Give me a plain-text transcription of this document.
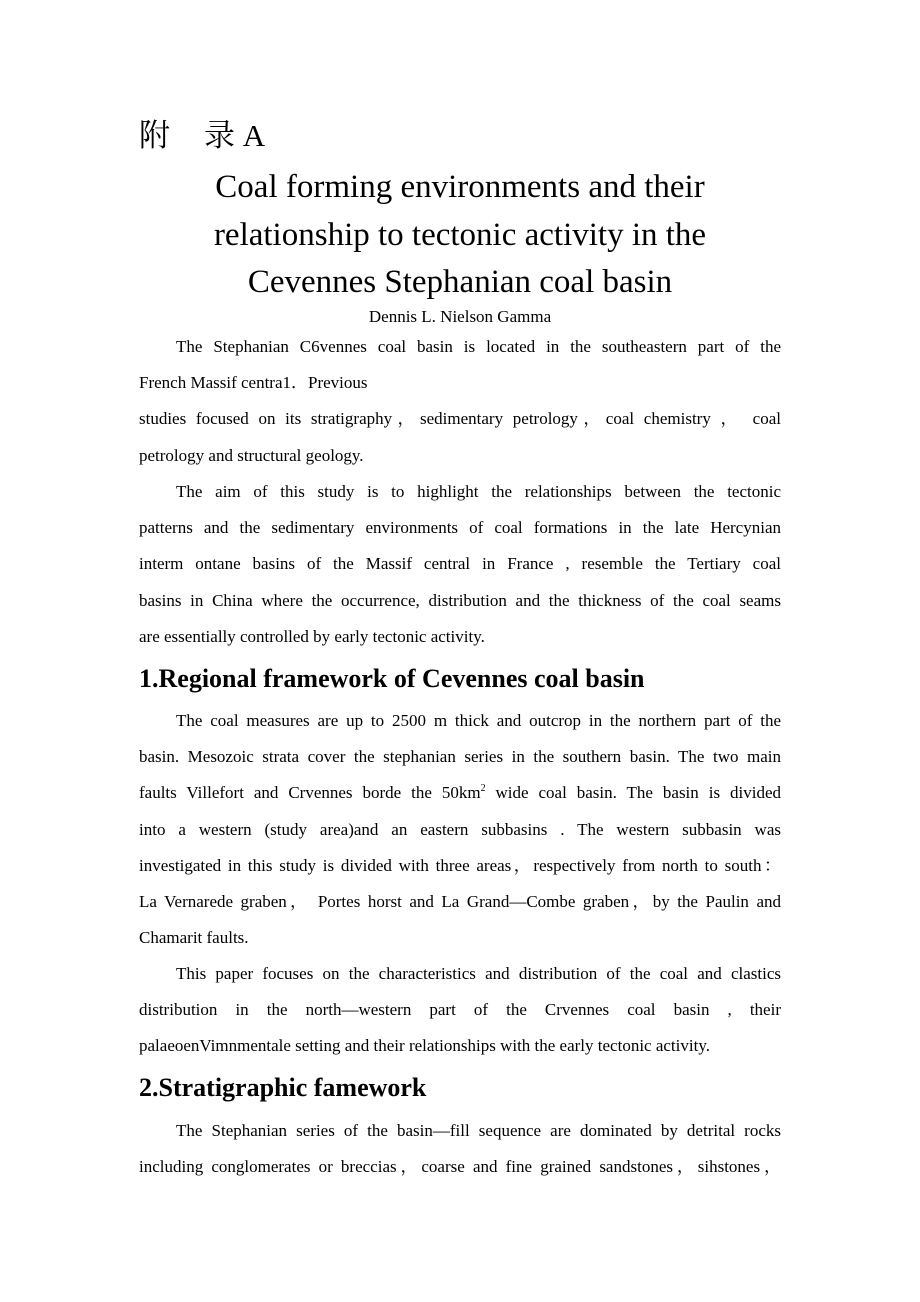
附 录 A
Coal forming environments and their
relationship to tectonic activity in the
Cevennes Stephanian coal basin
Dennis L. Nielson Gamma
The Stephanian C6vennes coal basin is located in the southeastern part of the
French Massif centra1．Previous
studies focused on its stratigraphy，sedimentary petrology，coal chemistry ， coal
petrology and structural geology.
The aim of this study is to highlight the relationships between the tectonic
patterns and the sedimentary environments of coal formations in the late Hercynian
interm ontane basins of the Massif central in France , resemble the Tertiary coal
basins in China where the occurrence, distribution and the thickness of the coal seams
are essentially controlled by early tectonic activity.
1.Regional framework of Cevennes coal basin
The coal measures are up to 2500 m thick and outcrop in the northern part of the
basin. Mesozoic strata cover the stephanian series in the southern basin. The two main
faults Villefort and Crvennes borde the $50km^2$ wide coal basin. The basin is divided
into a western (study area)and an eastern subbasins . The western subbasin was
investigated in this study is divided with three areas，respectively from north to south：
La Vernarede graben， Portes horst and La Grand—Combe graben，by the Paulin and
Chamarit faults.
This paper focuses on the characteristics and distribution of the coal and clastics
distribution in the north—western part of the Crvennes coal basin , their
palaeoenVimnmentale setting and their relationships with the early tectonic activity.
2.Stratigraphic famework
The Stephanian series of the basin—fill sequence are dominated by detrital rocks
including conglomerates or breccias，coarse and fine grained sandstones，sihstones，
